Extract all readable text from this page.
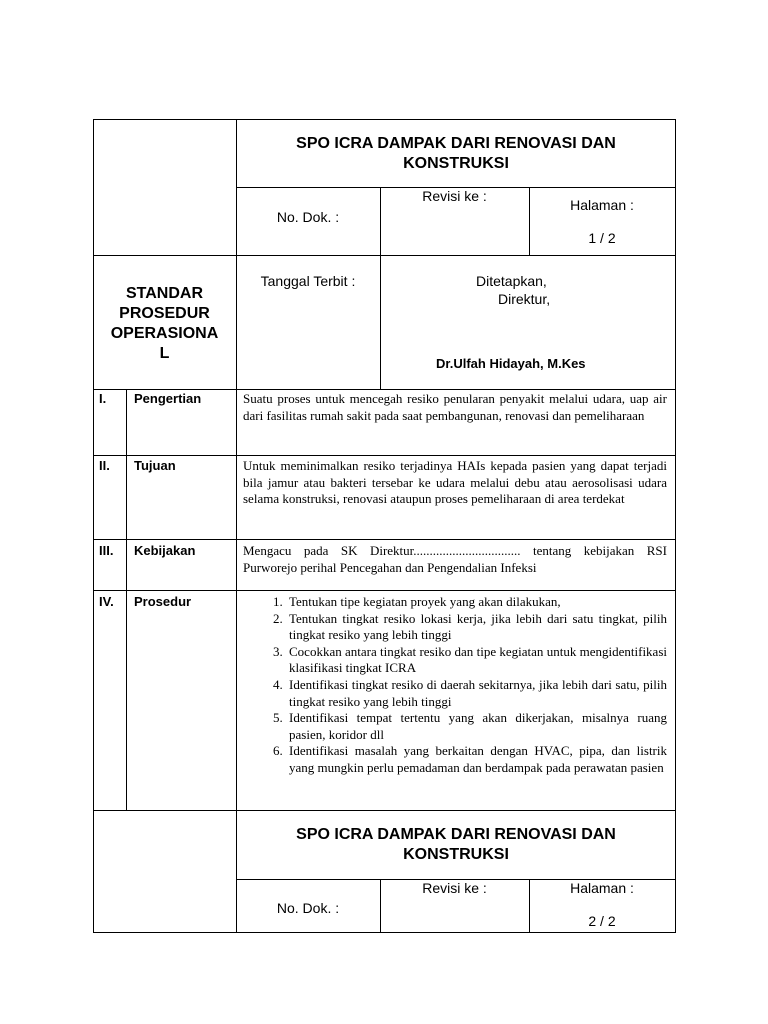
SPO ICRA DAMPAK DARI RENOVASI DAN KONSTRUKSI
No. Dok. :
Revisi ke :
Halaman :
1 / 2
STANDAR
PROSEDUR
OPERASIONA
L
Tanggal Terbit :	Ditetapkan,
Direktur,
Dr.Ulfah Hidayah, M.Kes
I. Pengertian	Suatu proses untuk mencegah resiko penularan penyakit melalui udara, uap air dari fasilitas rumah sakit pada saat pembangunan, renovasi dan pemeliharaan
II. Tujuan	Untuk meminimalkan resiko terjadinya HAIs kepada pasien yang dapat terjadi bila jamur atau bakteri tersebar ke udara melalui debu atau aerosolisasi udara selama konstruksi, renovasi ataupun proses pemeliharaan di area terdekat
III. Kebijakan	Mengacu pada SK Direktur................................. tentang kebijakan RSI Purworejo perihal Pencegahan dan Pengendalian Infeksi
IV. Prosedur
1.	Tentukan tipe kegiatan proyek yang akan dilakukan,
2. Tentukan tingkat resiko lokasi kerja, jika lebih dari satu tingkat, pilih tingkat resiko yang lebih tinggi
3. Cocokkan antara tingkat resiko dan tipe kegiatan untuk mengidentifikasi klasifikasi tingkat ICRA
4. Identifikasi tingkat resiko di daerah sekitarnya, jika lebih dari satu, pilih tingkat resiko yang lebih tinggi
5. Identifikasi tempat tertentu yang akan dikerjakan, misalnya ruang pasien, koridor dll
6. Identifikasi masalah yang berkaitan dengan HVAC, pipa, dan listrik yang mungkin perlu pemadaman dan berdampak pada perawatan pasien
SPO ICRA DAMPAK DARI RENOVASI DAN KONSTRUKSI
No. Dok. :
Revisi ke :	Halaman :
2 / 2
